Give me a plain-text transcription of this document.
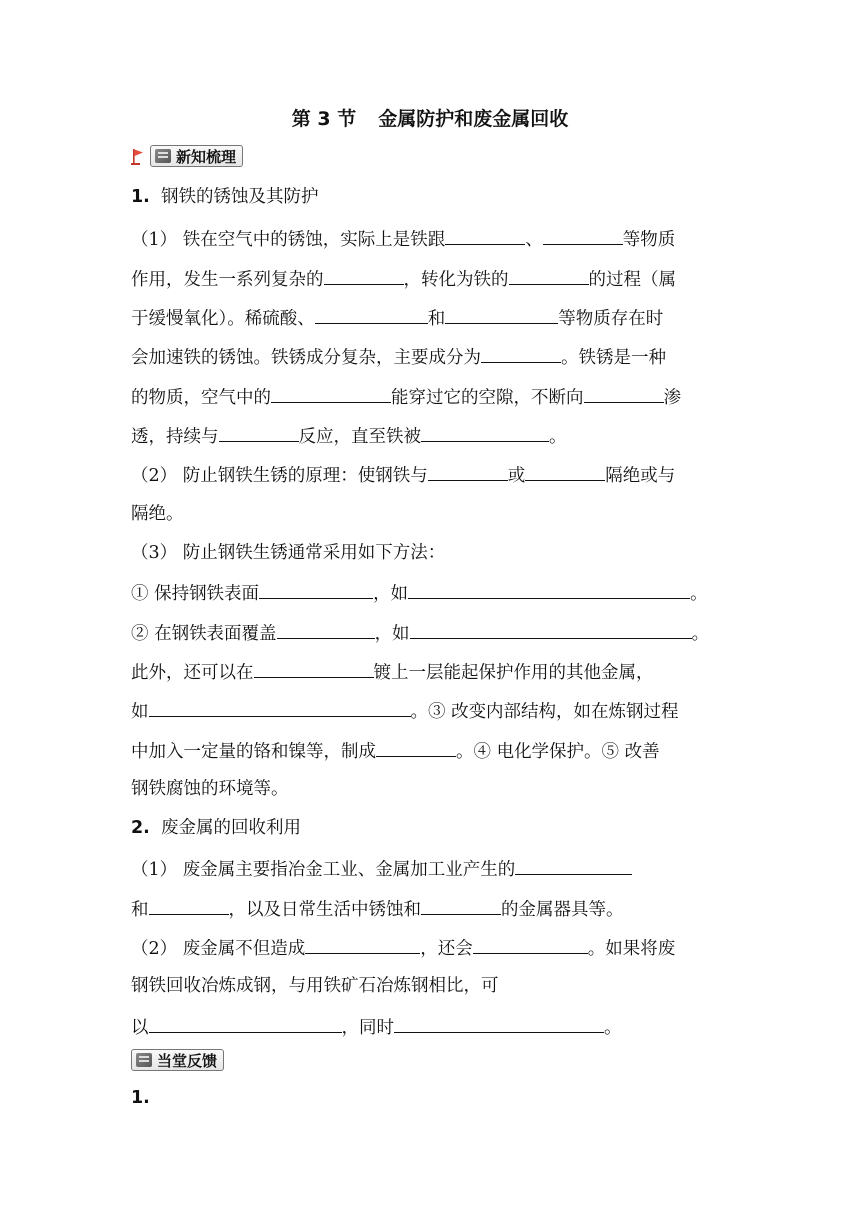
第 3 节 金属防护和废金属回收
新知梳理
1. 钢铁的锈蚀及其防护
（1） 铁在空气中的锈蚀，实际上是铁跟	、	等物质
作用，发生一系列复杂的	，转化为铁的	的过程（属
于缓慢氧化）。稀硫酸、	和	等物质存在时
会加速铁的锈蚀。铁锈成分复杂，主要成分为	。铁锈是一种
的物质，空气中的	能穿过它的空隙，不断向	渗
透，持续与	反应，直至铁被	。
（2） 防止钢铁生锈的原理：使钢铁与	或	隔绝或与
隔绝。
（3） 防止钢铁生锈通常采用如下方法：
① 保持钢铁表面	，如	。
② 在钢铁表面覆盖	，如	。
此外，还可以在	镀上一层能起保护作用的其他金属，
如	。③ 改变内部结构，如在炼钢过程
中加入一定量的铬和镍等，制成	。④ 电化学保护。⑤ 改善
钢铁腐蚀的环境等。
2. 废金属的回收利用
（1） 废金属主要指冶金工业、金属加工业产生的
和	，以及日常生活中锈蚀和	的金属器具等。
（2） 废金属不但造成	，还会	。如果将废
钢铁回收冶炼成钢，与用铁矿石冶炼钢相比，可
以	，同时	。
当堂反馈
1.
